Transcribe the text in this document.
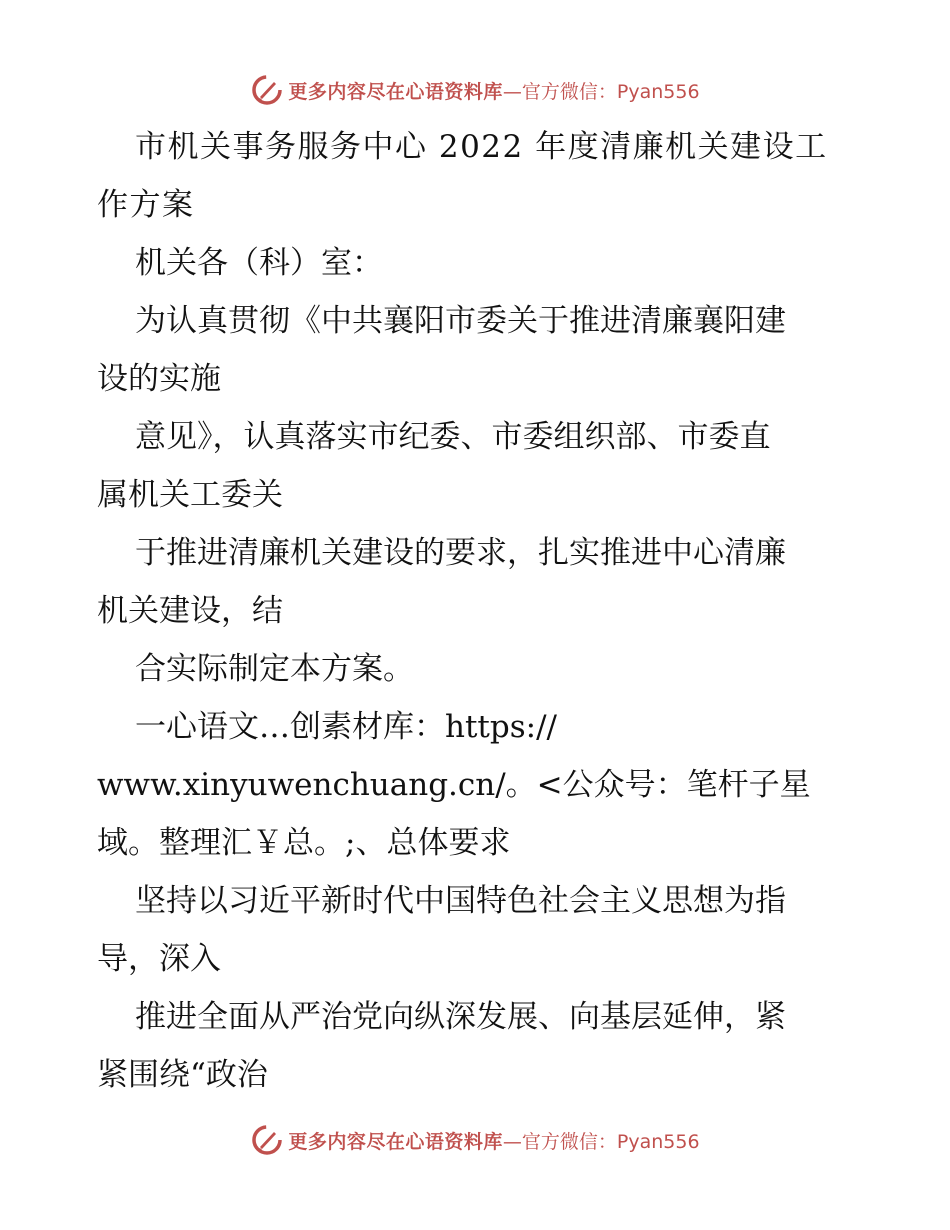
更多内容尽在心语资料库 —官方微信：Pyan556
市机关事务服务中心 2022 年度清廉机关建设工
作方案
机关各（科）室：
为认真贯彻《中共襄阳市委关于推进清廉襄阳建
设的实施
意见》，认真落实市纪委、市委组织部、市委直
属机关工委关
于推进清廉机关建设的要求，扎实推进中心清廉
机关建设，结
合实际制定本方案。
一心语文…创素材库：https://
www.xinyuwenchuang.cn/。<公众号：笔杆子星
域。整理汇￥总。;、总体要求
坚持以习近平新时代中国特色社会主义思想为指
导，深入
推进全面从严治党向纵深发展、向基层延伸，紧
紧围绕“政治
更多内容尽在心语资料库 —官方微信：Pyan556
